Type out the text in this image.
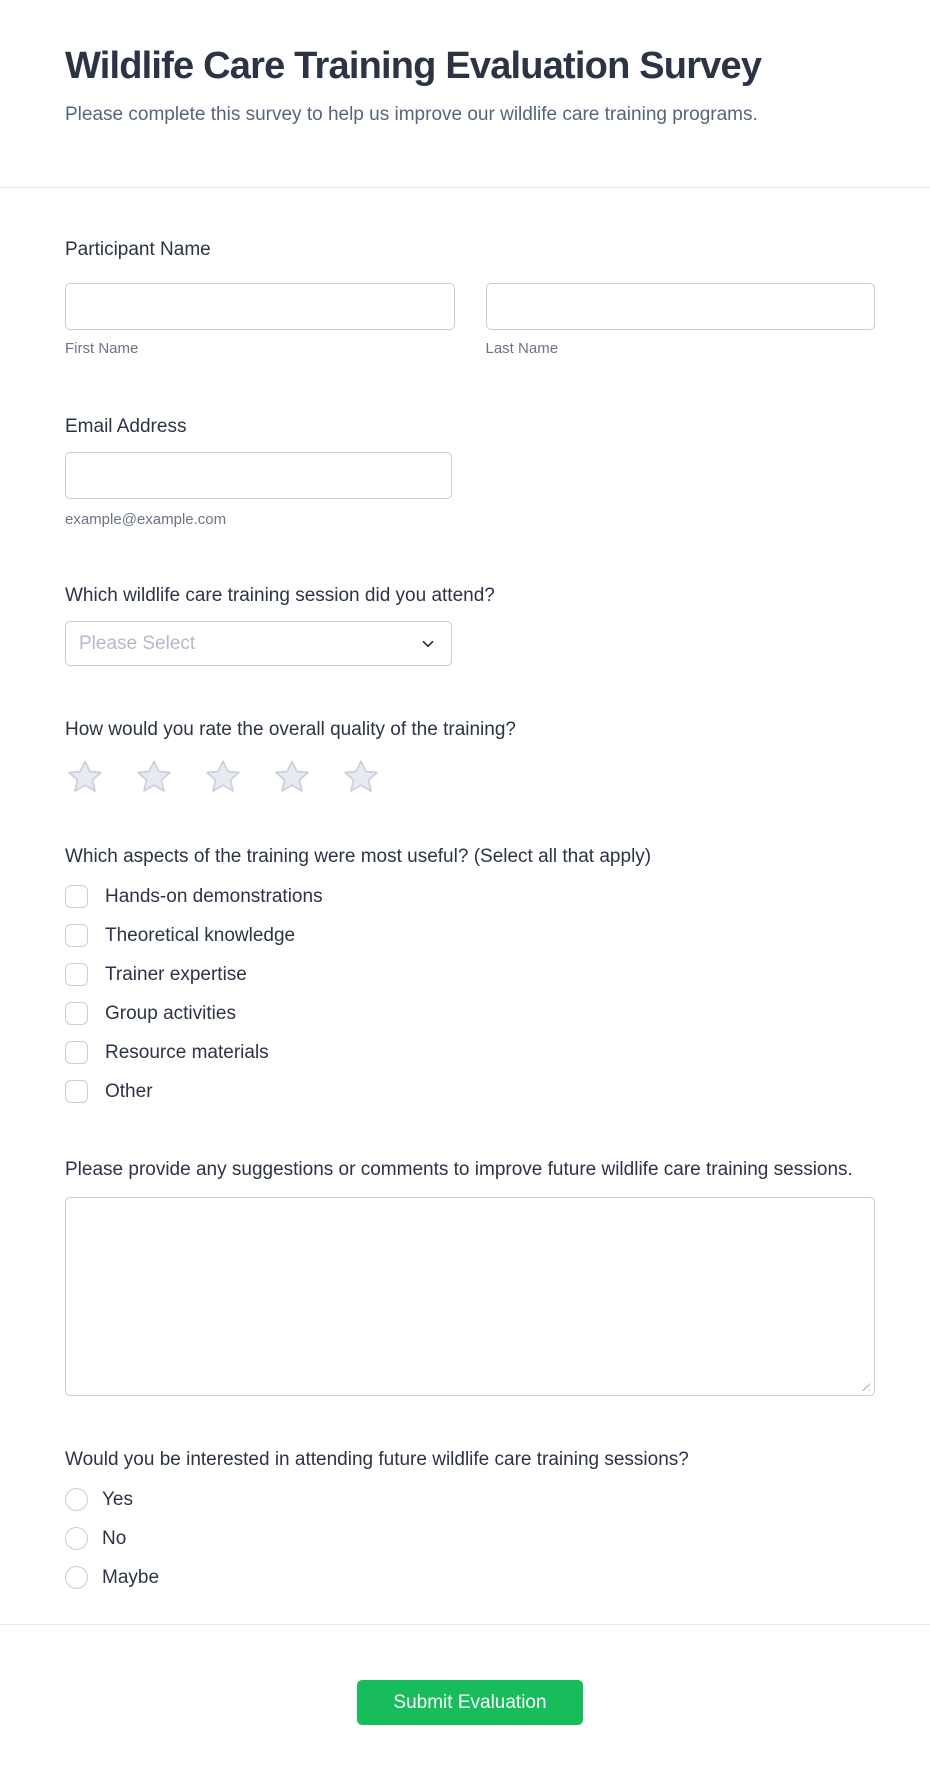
Wildlife Care Training Evaluation Survey

Please complete this survey to help us improve our wildlife care training programs.

Participant Name
First Name	Last Name
Email Address
example@example.com
Which wildlife care training session did you attend?
Please Select
How would you rate the overall quality of the training?
Which aspects of the training were most useful? (Select all that apply)
Hands-on demonstrations
Theoretical knowledge
Trainer expertise
Group activities
Resource materials
Other
Please provide any suggestions or comments to improve future wildlife care training sessions.
Would you be interested in attending future wildlife care training sessions?
Yes
No
Maybe
Submit Evaluation
